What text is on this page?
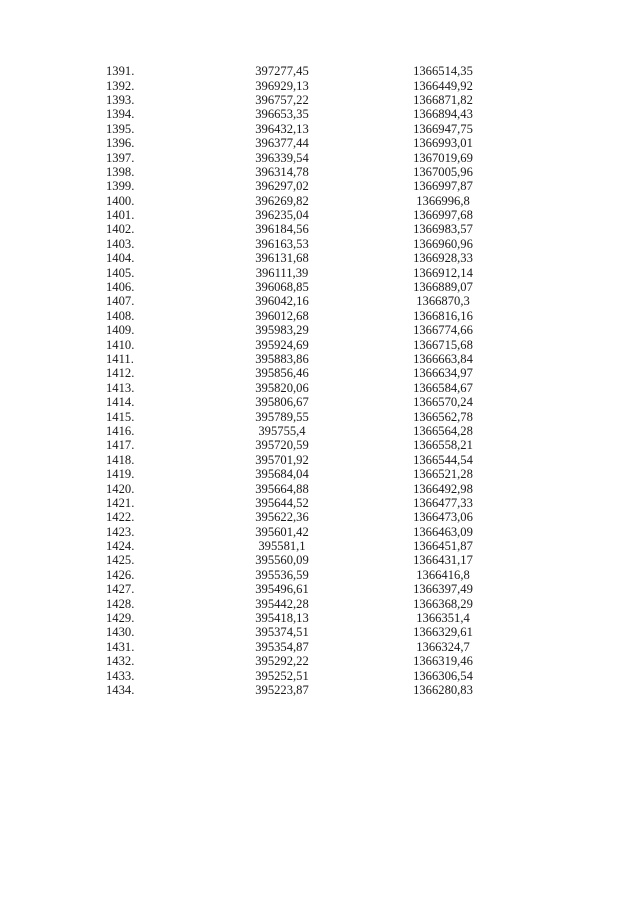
1391.	397277,45	1366514,35
1392.	396929,13	1366449,92
1393.	396757,22	1366871,82
1394.	396653,35	1366894,43
1395.	396432,13	1366947,75
1396.	396377,44	1366993,01
1397.	396339,54	1367019,69
1398.	396314,78	1367005,96
1399.	396297,02	1366997,87
1400.	396269,82	1366996,8
1401.	396235,04	1366997,68
1402.	396184,56	1366983,57
1403.	396163,53	1366960,96
1404.	396131,68	1366928,33
1405.	396111,39	1366912,14
1406.	396068,85	1366889,07
1407.	396042,16	1366870,3
1408.	396012,68	1366816,16
1409.	395983,29	1366774,66
1410.	395924,69	1366715,68
1411.	395883,86	1366663,84
1412.	395856,46	1366634,97
1413.	395820,06	1366584,67
1414.	395806,67	1366570,24
1415.	395789,55	1366562,78
1416.	395755,4	1366564,28
1417.	395720,59	1366558,21
1418.	395701,92	1366544,54
1419.	395684,04	1366521,28
1420.	395664,88	1366492,98
1421.	395644,52	1366477,33
1422.	395622,36	1366473,06
1423.	395601,42	1366463,09
1424.	395581,1	1366451,87
1425.	395560,09	1366431,17
1426.	395536,59	1366416,8
1427.	395496,61	1366397,49
1428.	395442,28	1366368,29
1429.	395418,13	1366351,4
1430.	395374,51	1366329,61
1431.	395354,87	1366324,7
1432.	395292,22	1366319,46
1433.	395252,51	1366306,54
1434.	395223,87	1366280,83
